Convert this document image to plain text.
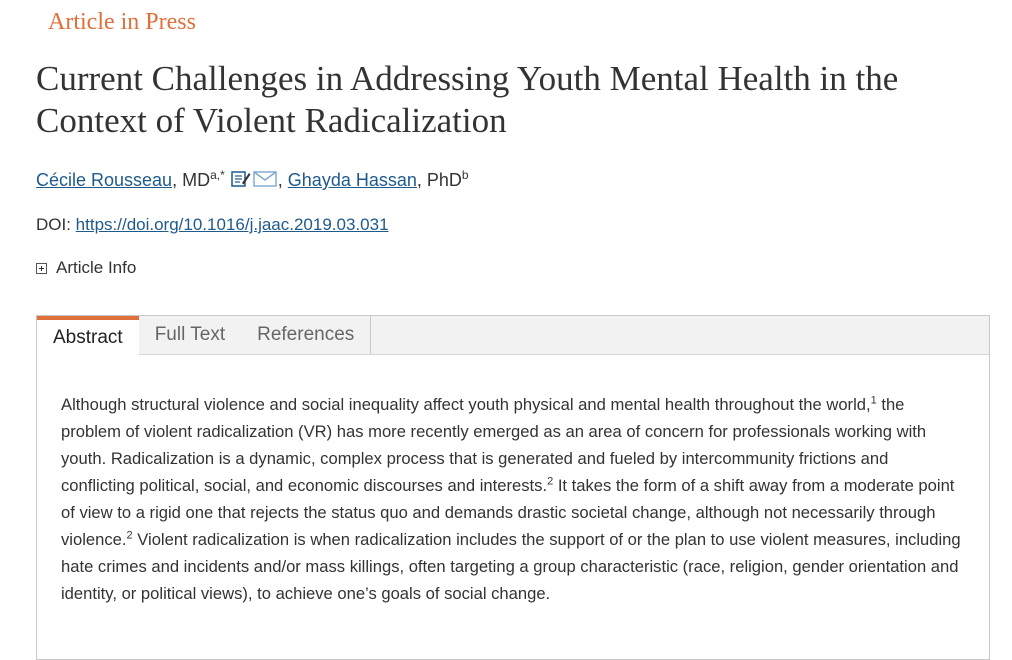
Article in Press
Current Challenges in Addressing Youth Mental Health in the Context of Violent Radicalization
Cécile Rousseau, $MD^{a,*}$	, Ghayda Hassan, PhD$^b$
DOI: https://doi.org/10.1016/j.jaac.2019.03.031
Article Info
Abstract	Full Text	References

Although structural violence and social inequality affect youth physical and mental health throughout the world,$^1$ the problem of violent radicalization (VR) has more recently emerged as an area of concern for professionals working with youth. Radicalization is a dynamic, complex process that is generated and fueled by intercommunity frictions and conflicting political, social, and economic discourses and interests.$^2$ It takes the form of a shift away from a moderate point of view to a rigid one that rejects the status quo and demands drastic societal change, although not necessarily through violence.$^2$ Violent radicalization is when radicalization includes the support of or the plan to use violent measures, including hate crimes and incidents and/or mass killings, often targeting a group characteristic (race, religion, gender orientation and identity, or political views), to achieve one’s goals of social change.
